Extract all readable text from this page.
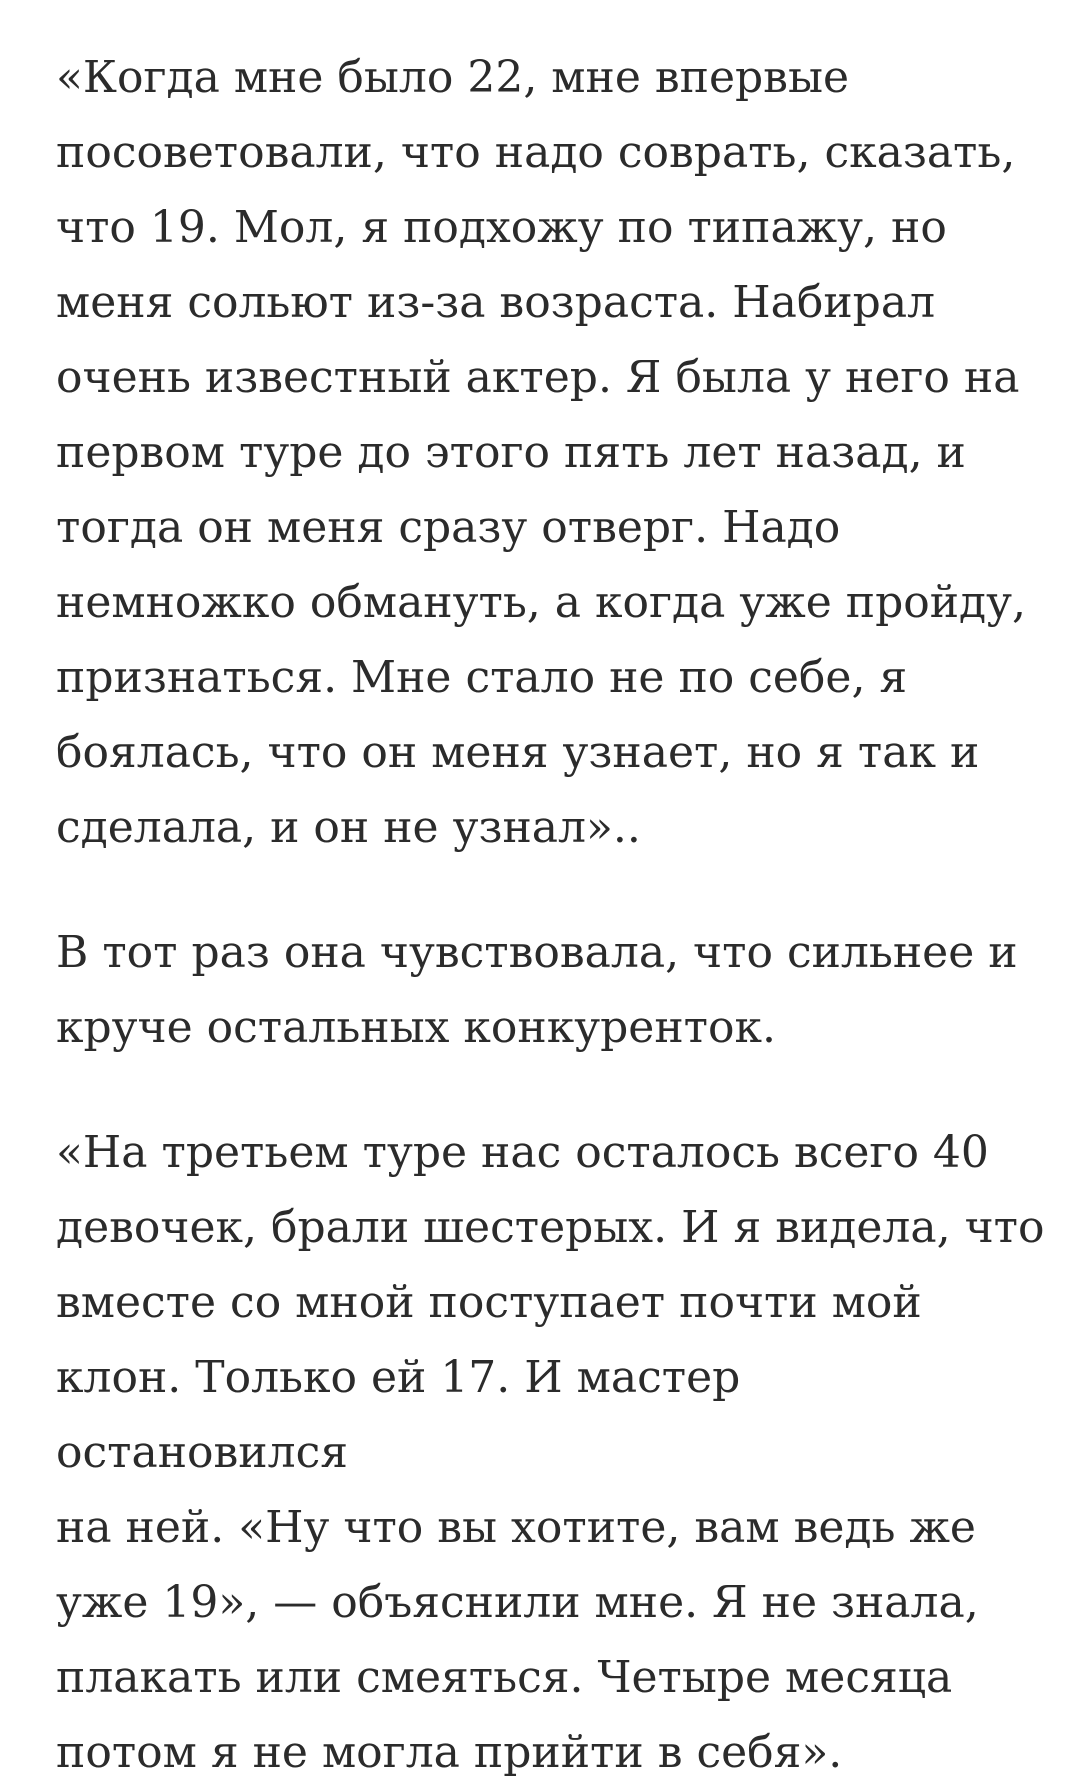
«Когда мне было 22, мне впервые
посоветовали, что надо соврать, сказать,
что 19. Мол, я подхожу по типажу, но
меня сольют из-за возраста. Набирал
очень известный актер. Я была у него на
первом туре до этого пять лет назад, и
тогда он меня сразу отверг. Надо
немножко обмануть, а когда уже пройду,
признаться. Мне стало не по себе, я
боялась, что он меня узнает, но я так и
сделала, и он не узнал»..

В тот раз она чувствовала, что сильнее и
круче остальных конкурентoк.

«На третьем туре нас осталось всего 40
девочек, брали шестерых. И я видела, что
вместе со мной поступает почти мой
клон. Только ей 17. И мастер остановился
на ней. «Ну что вы хотите, вам ведь же
уже 19», — объяснили мне. Я не знала,
плакать или смеяться. Четыре месяца
потом я не могла прийти в себя».
